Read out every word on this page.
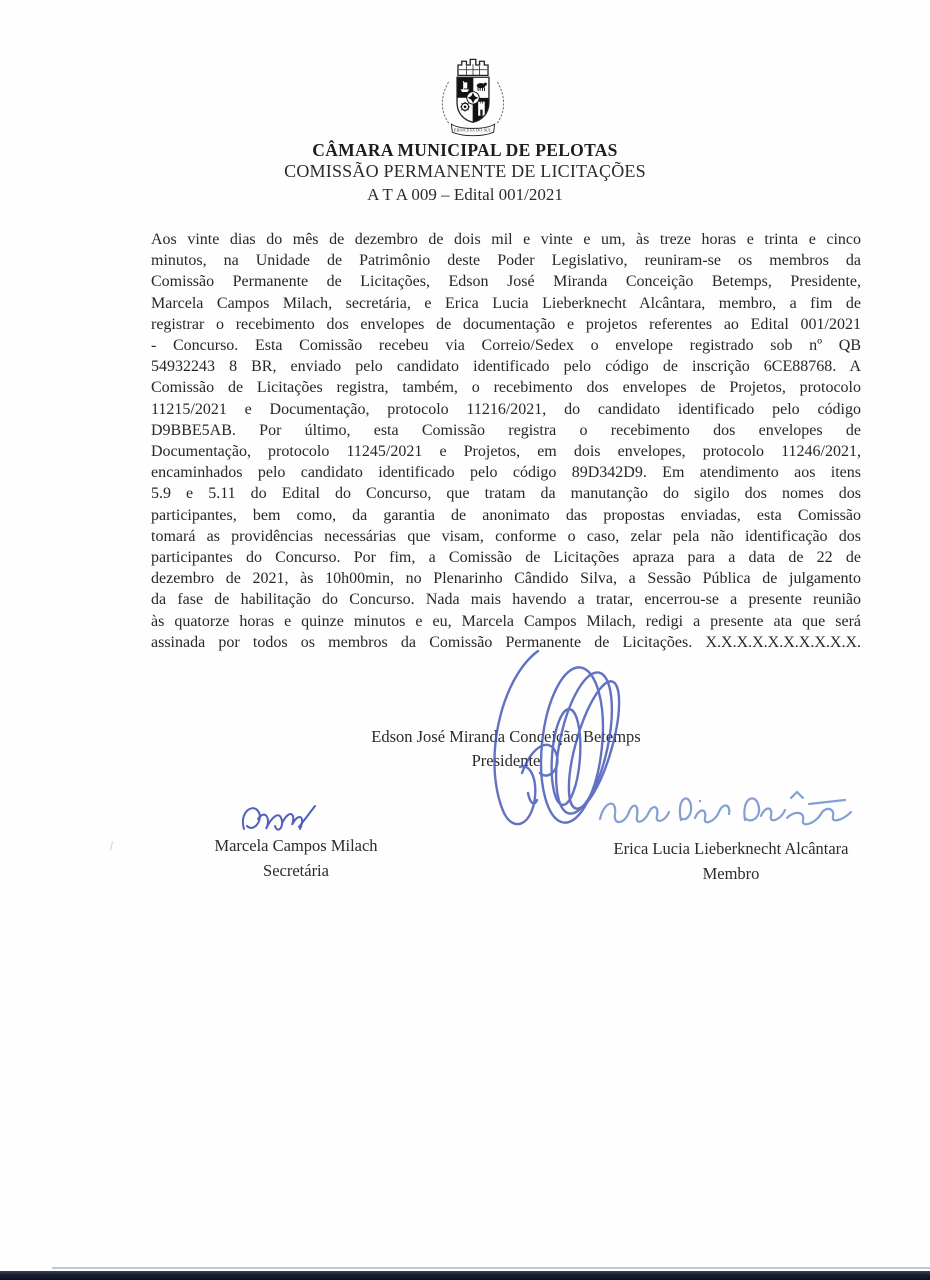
PRINCESA DO SUL
CÂMARA MUNICIPAL DE PELOTAS
COMISSÃO PERMANENTE DE LICITAÇÕES
A T A 009 – Edital 001/2021
Aos vinte dias do mês de dezembro de dois mil e vinte e um, às treze horas e trinta e cinco
minutos, na Unidade de Patrimônio deste Poder Legislativo, reuniram-se os membros da
Comissão Permanente de Licitações, Edson José Miranda Conceição Betemps, Presidente,
Marcela Campos Milach, secretária, e Erica Lucia Lieberknecht Alcântara, membro, a fim de
registrar o recebimento dos envelopes de documentação e projetos referentes ao Edital 001/2021
- Concurso. Esta Comissão recebeu via Correio/Sedex o envelope registrado sob nº QB
54932243 8 BR, enviado pelo candidato identificado pelo código de inscrição 6CE88768. A
Comissão de Licitações registra, também, o recebimento dos envelopes de Projetos, protocolo
11215/2021 e Documentação, protocolo 11216/2021, do candidato identificado pelo código
D9BBE5AB. Por último, esta Comissão registra o recebimento dos envelopes de
Documentação, protocolo 11245/2021 e Projetos, em dois envelopes, protocolo 11246/2021,
encaminhados pelo candidato identificado pelo código 89D342D9. Em atendimento aos itens
5.9 e 5.11 do Edital do Concurso, que tratam da manutanção do sigilo dos nomes dos
participantes, bem como, da garantia de anonimato das propostas enviadas, esta Comissão
tomará as providências necessárias que visam, conforme o caso, zelar pela não identificação dos
participantes do Concurso. Por fim, a Comissão de Licitações apraza para a data de 22 de
dezembro de 2021, às 10h00min, no Plenarinho Cândido Silva, a Sessão Pública de julgamento
da fase de habilitação do Concurso. Nada mais havendo a tratar, encerrou-se a presente reunião
às quatorze horas e quinze minutos e eu, Marcela Campos Milach, redigi a presente ata que será
assinada por todos os membros da Comissão Permanente de Licitações. X.X.X.X.X.X.X.X.X.X.
Edson José Miranda Conceição Betemps
Presidente
Marcela Campos Milach
Secretária
Erica Lucia Lieberknecht Alcântara
Membro
